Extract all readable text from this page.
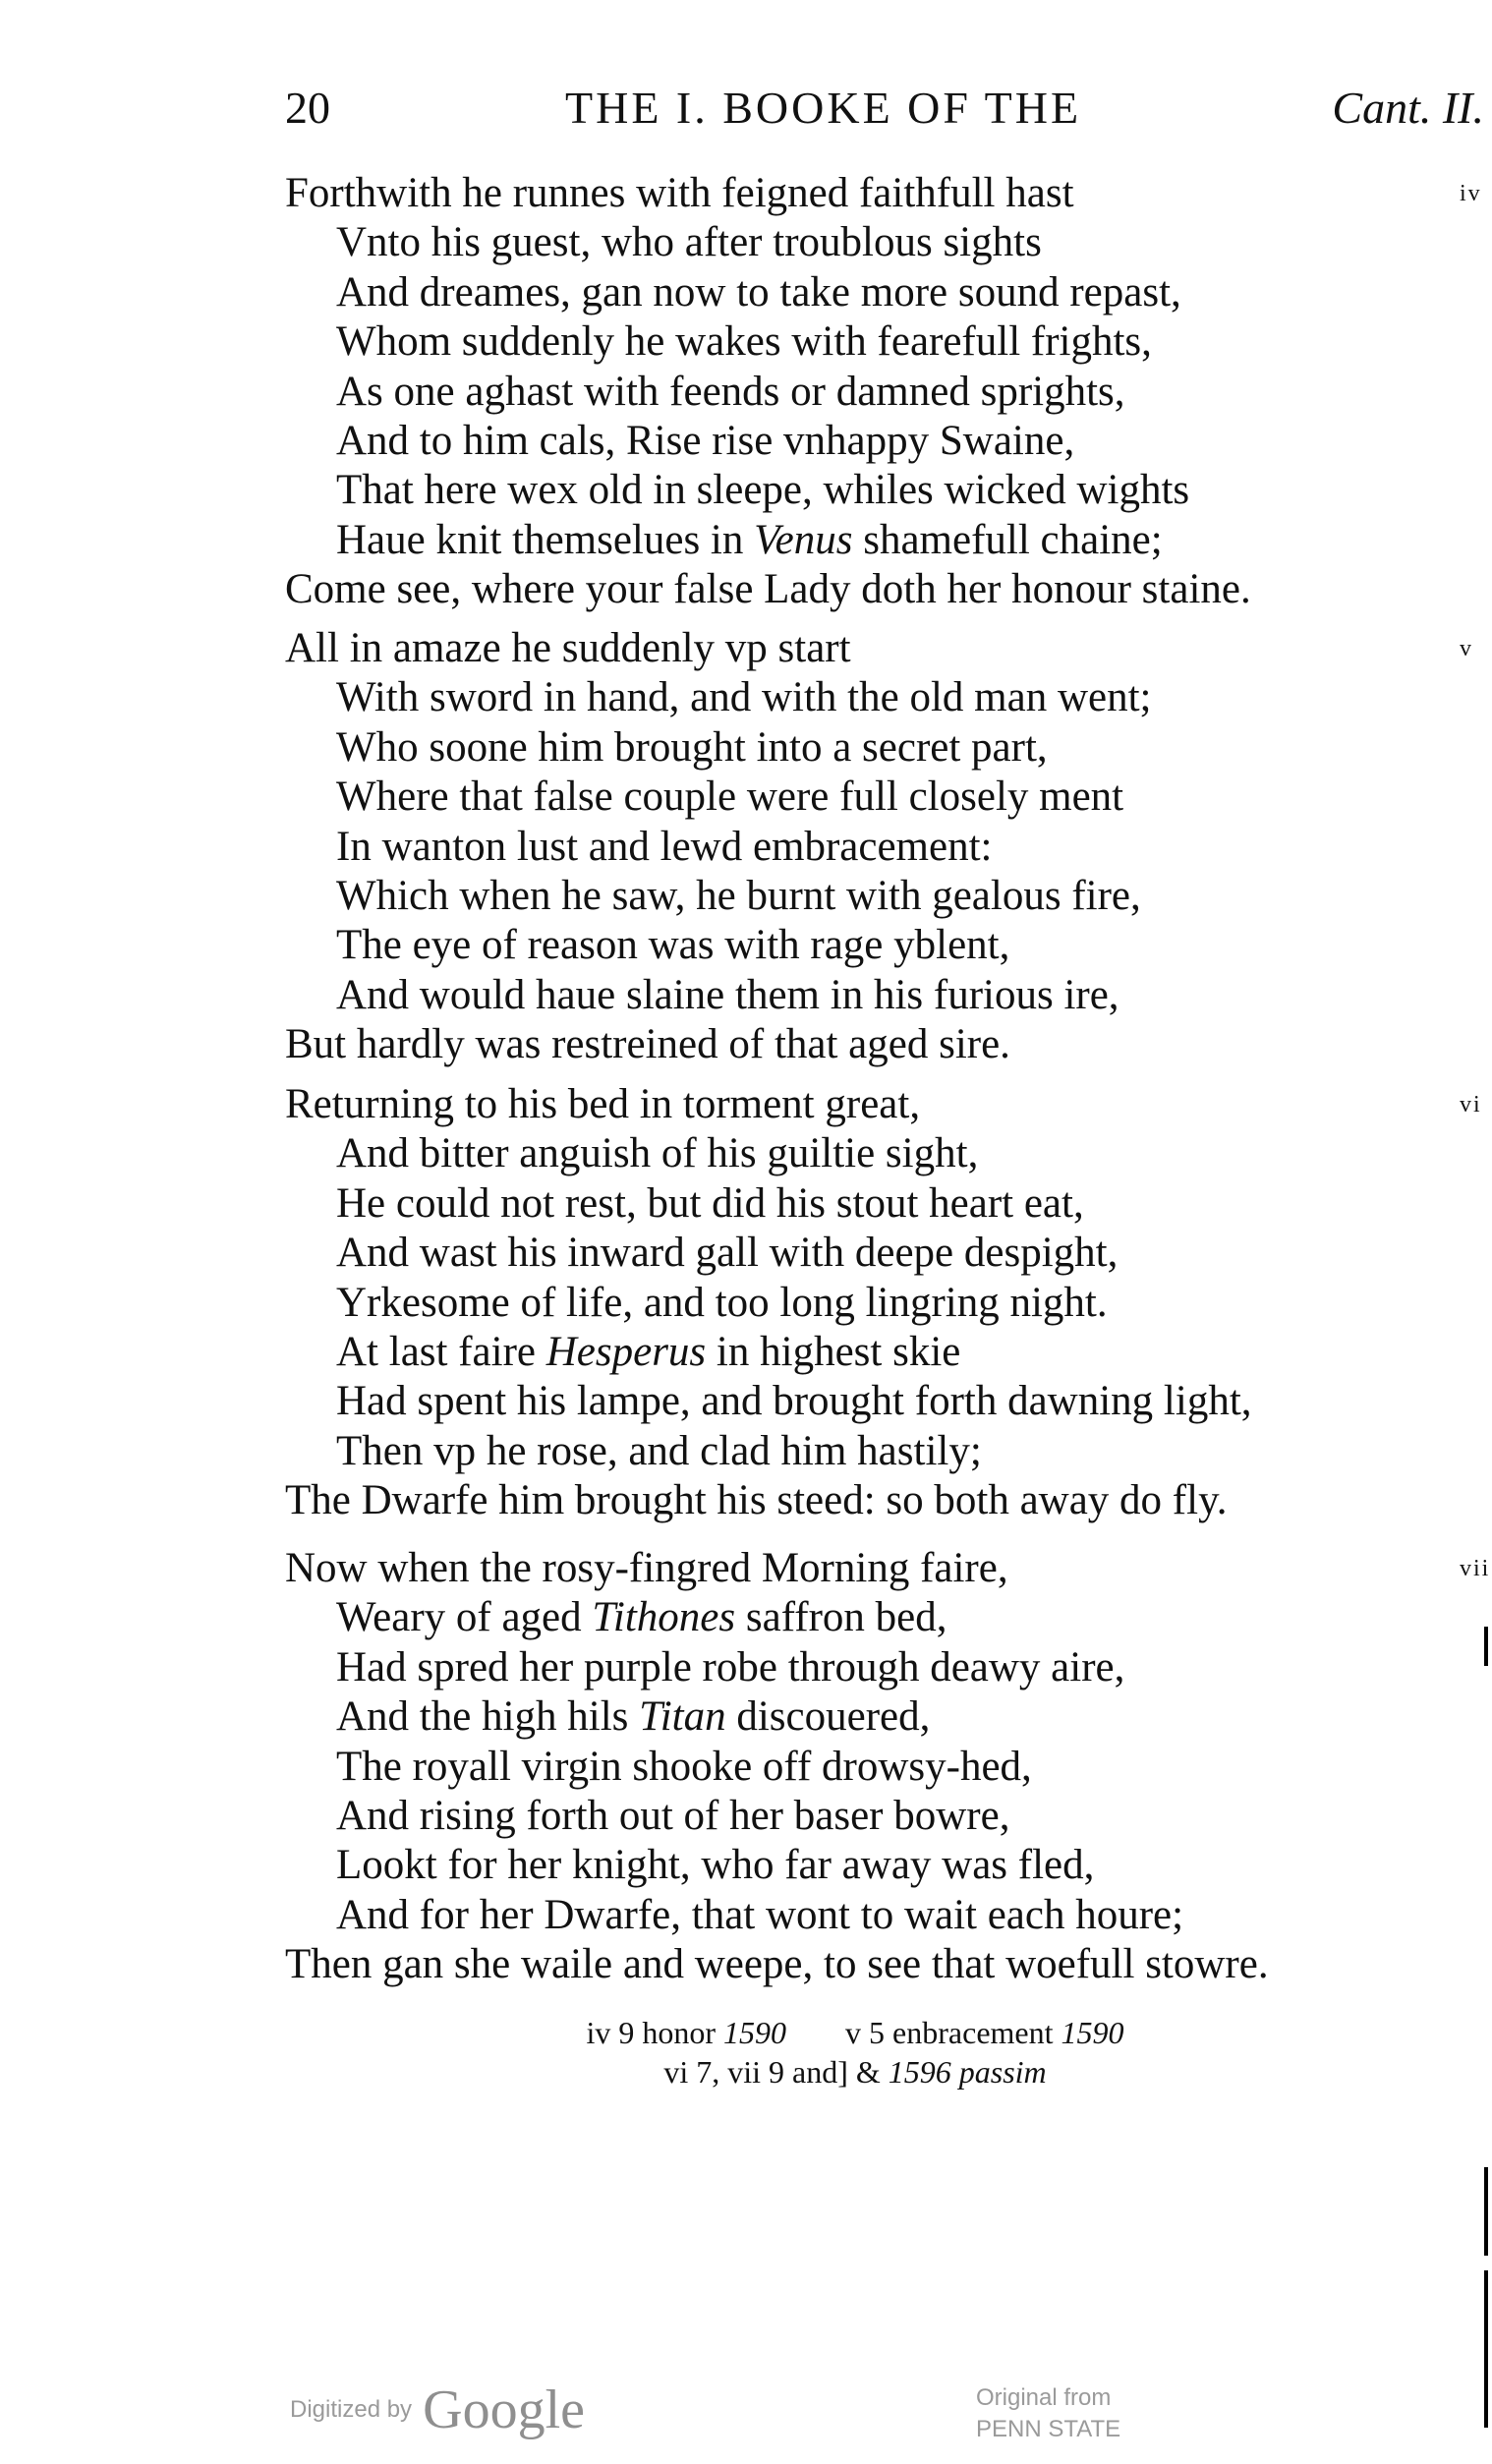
20	THE I. BOOKE OF THE	Cant. II.
Forthwith he runnes with feigned faithfull hast	iv
Vnto his guest, who after troublous sights
And dreames, gan now to take more sound repast,
Whom suddenly he wakes with fearefull frights,
As one aghast with feends or damned sprights,
And to him cals, Rise rise vnhappy Swaine,
That here wex old in sleepe, whiles wicked wights
Haue knit themselues in Venus shamefull chaine;
Come see, where your false Lady doth her honour staine.
All in amaze he suddenly vp start	v
With sword in hand, and with the old man went;
Who soone him brought into a secret part,
Where that false couple were full closely ment
In wanton lust and lewd embracement:
Which when he saw, he burnt with gealous fire,
The eye of reason was with rage yblent,
And would haue slaine them in his furious ire,
But hardly was restreined of that aged sire.
Returning to his bed in torment great,	vi
And bitter anguish of his guiltie sight,
He could not rest, but did his stout heart eat,
And wast his inward gall with deepe despight,
Yrkesome of life, and too long lingring night.
At last faire Hesperus in highest skie
Had spent his lampe, and brought forth dawning light,
Then vp he rose, and clad him hastily;
The Dwarfe him brought his steed: so both away do fly.
Now when the rosy-fingred Morning faire,	vii
Weary of aged Tithones saffron bed,
Had spred her purple robe through deawy aire,
And the high hils Titan discouered,
The royall virgin shooke off drowsy-hed,
And rising forth out of her baser bowre,
Lookt for her knight, who far away was fled,
And for her Dwarfe, that wont to wait each houre;
Then gan she waile and weepe, to see that woefull stowre.
iv 9 honor 1590 v 5 enbracement 1590
vi 7, vii 9 and] & 1596 passim
Digitized by Google	Original from
PENN STATE
